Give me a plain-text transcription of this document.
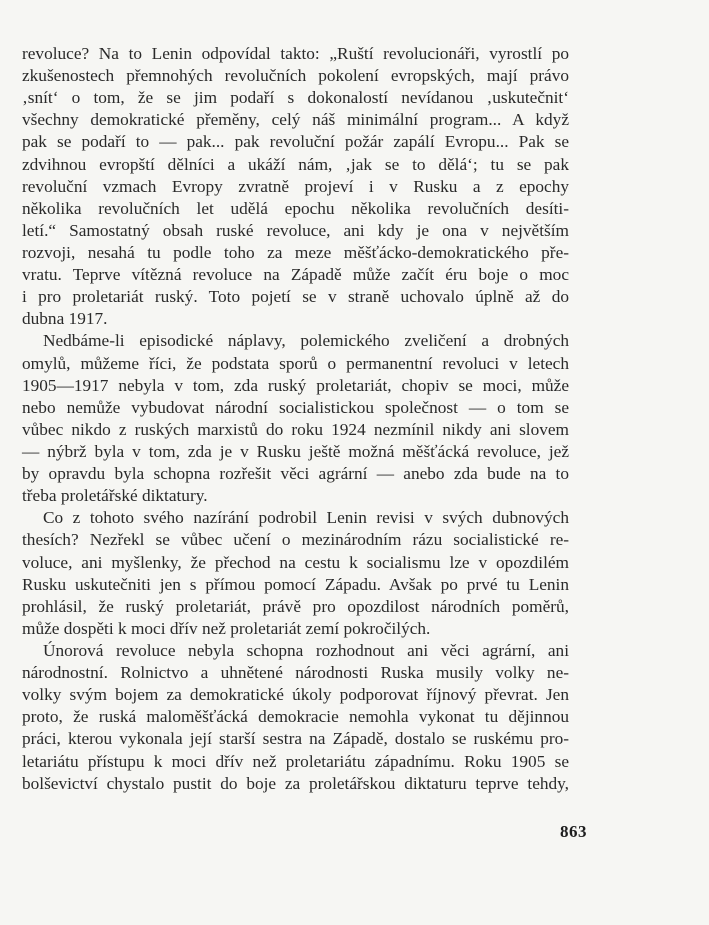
revoluce? Na to Lenin odpovídal takto: „Ruští revolucionáři, vyrostlí po
zkušenostech přemnohých revolučních pokolení evropských, mají právo
‚snít‘ o tom, že se jim podaří s dokonalostí nevídanou ‚uskutečnit‘
všechny demokratické přeměny, celý náš minimální program... A když
pak se podaří to — pak... pak revoluční požár zapálí Evropu... Pak se
zdvihnou evropští dělníci a ukáží nám, ‚jak se to dělá‘; tu se pak
revoluční vzmach Evropy zvratně projeví i v Rusku a z epochy
několika revolučních let udělá epochu několika revolučních desíti-
letí.“ Samostatný obsah ruské revoluce, ani kdy je ona v největším
rozvoji, nesahá tu podle toho za meze měšťácko-demokratického pře-
vratu. Teprve vítězná revoluce na Západě může začít éru boje o moc
i pro proletariát ruský. Toto pojetí se v straně uchovalo úplně až do
dubna 1917.
Nedbáme-li episodické náplavy, polemického zveličení a drobných
omylů, můžeme říci, že podstata sporů o permanentní revoluci v letech
1905—1917 nebyla v tom, zda ruský proletariát, chopiv se moci, může
nebo nemůže vybudovat národní socialistickou společnost — o tom se
vůbec nikdo z ruských marxistů do roku 1924 nezmínil nikdy ani slovem
— nýbrž byla v tom, zda je v Rusku ještě možná měšťácká revoluce, jež
by opravdu byla schopna rozřešit věci agrární — anebo zda bude na to
třeba proletářské diktatury.
Co z tohoto svého nazírání podrobil Lenin revisi v svých dubnových
thesích? Nezřekl se vůbec učení o mezinárodním rázu socialistické re-
voluce, ani myšlenky, že přechod na cestu k socialismu lze v opozdilém
Rusku uskutečniti jen s přímou pomocí Západu. Avšak po prvé tu Lenin
prohlásil, že ruský proletariát, právě pro opozdilost národních poměrů,
může dospěti k moci dřív než proletariát zemí pokročilých.
Únorová revoluce nebyla schopna rozhodnout ani věci agrární, ani
národnostní. Rolnictvo a uhnětené národnosti Ruska musily volky ne-
volky svým bojem za demokratické úkoly podporovat říjnový převrat. Jen
proto, že ruská maloměšťácká demokracie nemohla vykonat tu dějinnou
práci, kterou vykonala její starší sestra na Západě, dostalo se ruskému pro-
letariátu přístupu k moci dřív než proletariátu západnímu. Roku 1905 se
bolševictví chystalo pustit do boje za proletářskou diktaturu teprve tehdy,
863
